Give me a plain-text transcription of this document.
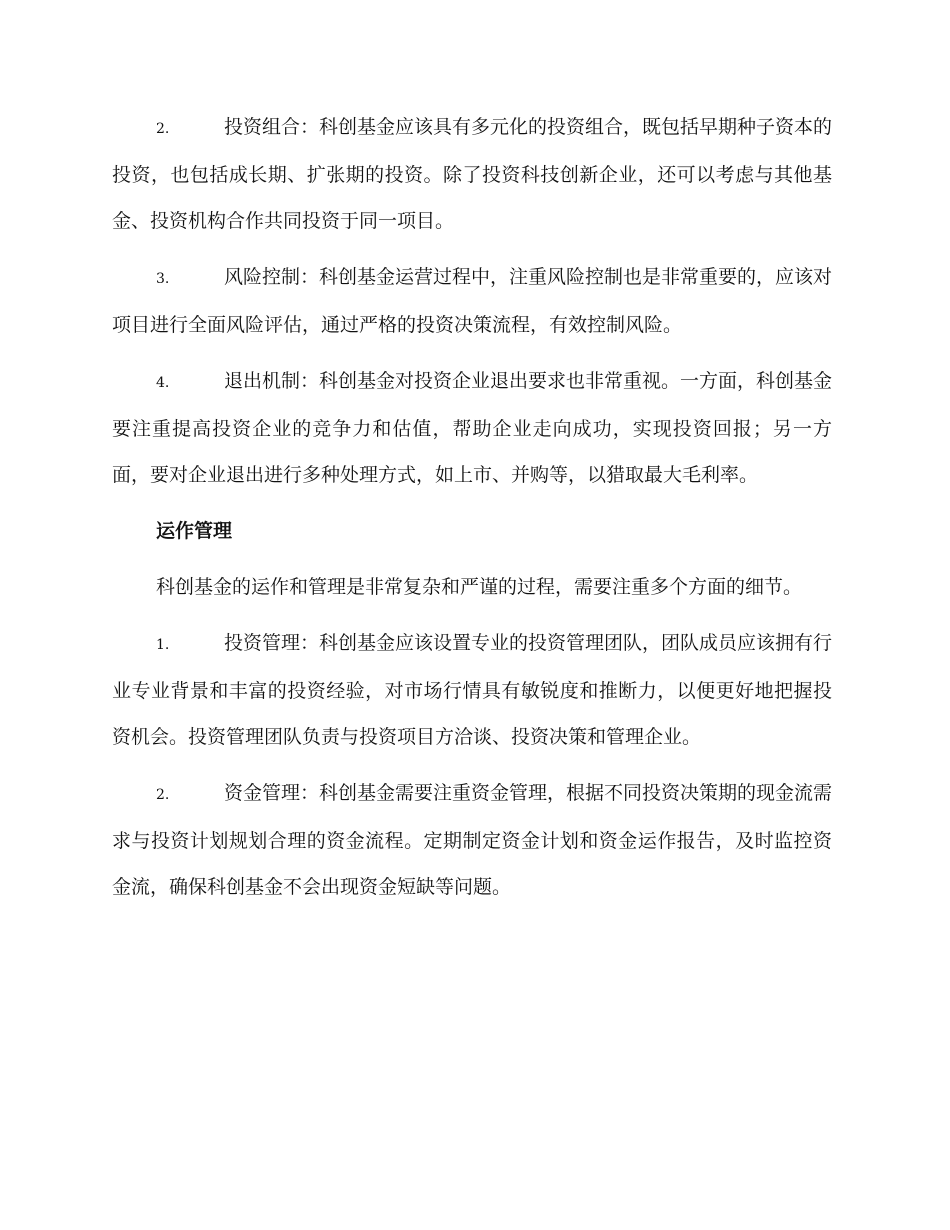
2.	投资组合：科创基金应该具有多元化的投资组合，既包括早期种子资本的投资，也包括成长期、扩张期的投资。除了投资科技创新企业，还可以考虑与其他基金、投资机构合作共同投资于同一项目。
3.	风险控制：科创基金运营过程中，注重风险控制也是非常重要的，应该对项目进行全面风险评估，通过严格的投资决策流程，有效控制风险。
4.	退出机制：科创基金对投资企业退出要求也非常重视。一方面，科创基金要注重提高投资企业的竞争力和估值，帮助企业走向成功，实现投资回报；另一方面，要对企业退出进行多种处理方式，如上市、并购等，以猎取最大毛利率。
运作管理
科创基金的运作和管理是非常复杂和严谨的过程，需要注重多个方面的细节。
1.	投资管理：科创基金应该设置专业的投资管理团队，团队成员应该拥有行业专业背景和丰富的投资经验，对市场行情具有敏锐度和推断力，以便更好地把握投资机会。投资管理团队负责与投资项目方洽谈、投资决策和管理企业。
2.	资金管理：科创基金需要注重资金管理，根据不同投资决策期的现金流需求与投资计划规划合理的资金流程。定期制定资金计划和资金运作报告，及时监控资金流，确保科创基金不会出现资金短缺等问题。
